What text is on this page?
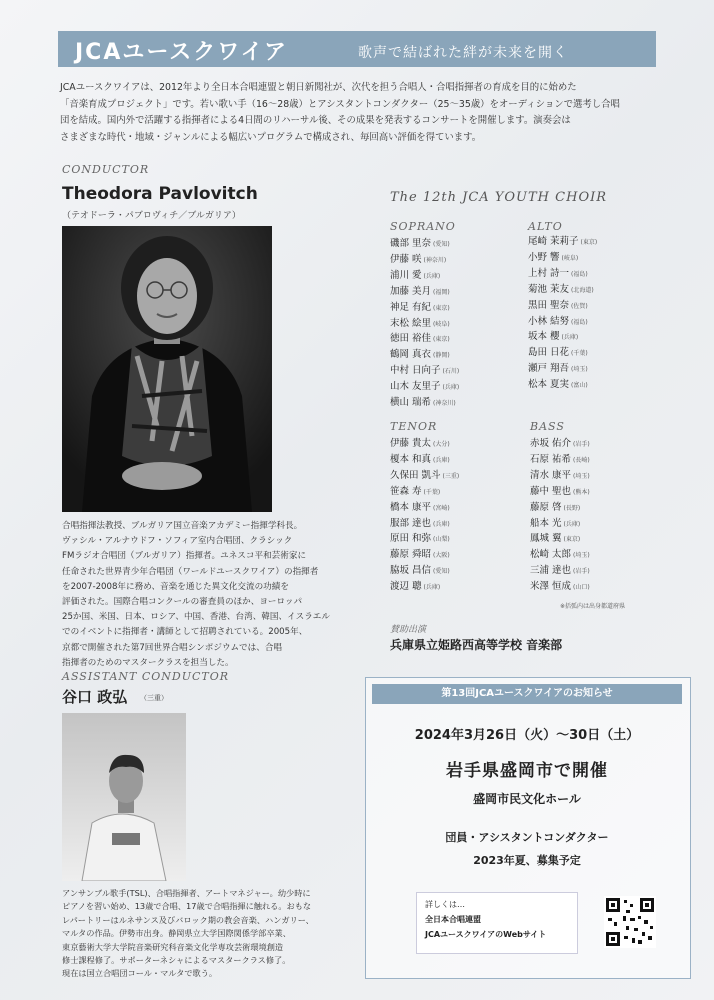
JCAユースクワイア	歌声で結ばれた絆が未来を開く
JCAユースクワイアは、2012年より全日本合唱連盟と朝日新聞社が、次代を担う合唱人・合唱指揮者の育成を目的に始めた
「音楽育成プロジェクト」です。若い歌い手（16〜28歳）とアシスタントコンダクター（25〜35歳）をオーディションで選考し合唱
団を結成。国内外で活躍する指揮者による4日間のリハーサル後、その成果を発表するコンサートを開催します。演奏会は
さまざまな時代・地域・ジャンルによる幅広いプログラムで構成され、毎回高い評価を得ています。
CONDUCTOR
Theodora Pavlovitch
（テオドーラ・パブロヴィチ／ブルガリア）
合唱指揮法教授、ブルガリア国立音楽アカデミー指揮学科長。
ヴァシル・アルナウドフ・ソフィア室内合唱団、クラシック
FMラジオ合唱団（ブルガリア）指揮者。ユネスコ平和芸術家に
任命された世界青少年合唱団（ワールドユースクワイア）の指揮者
を2007-2008年に務め、音楽を通じた異文化交流の功績を
評価された。国際合唱コンクールの審査員のほか、ヨーロッパ
25か国、米国、日本、ロシア、中国、香港、台湾、韓国、イスラエル
でのイベントに指揮者・講師として招聘されている。2005年、
京都で開催された第7回世界合唱シンポジウムでは、合唱
指揮者のためのマスタークラスを担当した。
ASSISTANT CONDUCTOR
谷口 政弘 （三重）
アンサンブル歌手(TSL)、合唱指揮者、アートマネジャー。幼少時に
ピアノを習い始め、13歳で合唱、17歳で合唱指揮に触れる。おもな
レパートリーはルネサンス及びバロック期の教会音楽、ハンガリー、
マルタの作品。伊勢市出身。静岡県立大学国際関係学部卒業、
東京藝術大学大学院音楽研究科音楽文化学専攻芸術環境創造
修士課程修了。サポーターネシャによるマスタークラス修了。
現在は国立合唱団コール・マルタで歌う。
The 12th JCA YOUTH CHOIR
SOPRANO
磯部 里奈 (愛知)
伊藤 咲 (神奈川)
浦川 愛 (兵庫)
加藤 美月 (福岡)
神足 有紀 (東京)
末松 絵里 (岐阜)
徳田 裕佳 (東京)
鶴岡 真衣 (静岡)
中村 日向子 (石川)
山木 友里子 (兵庫)
横山 瑞希 (神奈川)
ALTO
尾崎 茉莉子 (東京)
小野 響 (岐阜)
上村 詩一 (福島)
菊池 茉友 (北海道)
黒田 聖奈 (佐賀)
小林 結努 (福島)
坂本 櫻 (兵庫)
島田 日花 (千葉)
瀬戸 翔吾 (埼玉)
松本 夏実 (富山)
TENOR
伊藤 貴太 (大分)
榎本 和真 (兵庫)
久保田 凱斗 (三重)
笹森 寿 (千葉)
橋本 康平 (宮崎)
服部 達也 (兵庫)
原田 和弥 (山梨)
藤原 舜昭 (大阪)
脇坂 昌信 (愛知)
渡辺 聰 (兵庫)
BASS
赤坂 佑介 (岩手)
石原 祐希 (長崎)
清水 康平 (埼玉)
藤中 聖也 (熊本)
藤原 啓 (長野)
船本 光 (兵庫)
鳳城 翼 (東京)
松崎 太郎 (埼玉)
三浦 達也 (岩手)
米澤 恒成 (山口)
※括弧内は出身都道府県
賛助出演
兵庫県立姫路西高等学校 音楽部
第13回JCAユースクワイアのお知らせ
2024年3月26日（火）〜30日（土）
岩手県盛岡市で開催
盛岡市民文化ホール
団員・アシスタントコンダクター
2023年夏、募集予定
詳しくは…
全日本合唱連盟
JCAユースクワイアのWebサイト
